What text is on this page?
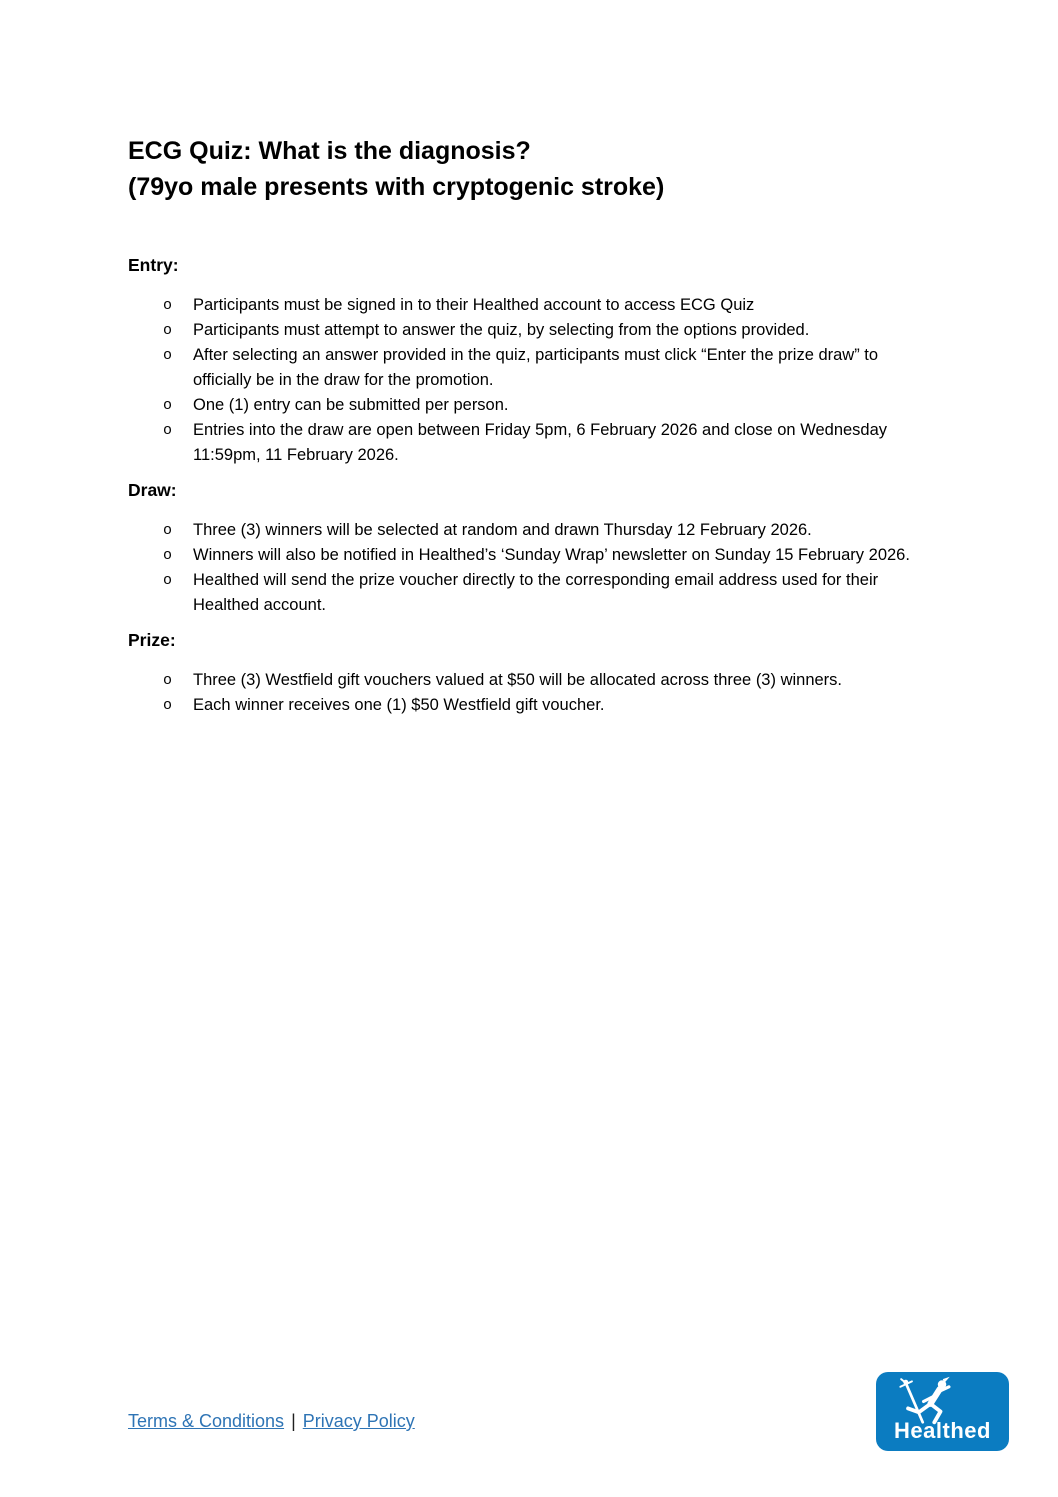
ECG Quiz: What is the diagnosis?
(79yo male presents with cryptogenic stroke)
Entry:
o	Participants must be signed in to their Healthed account to access ECG Quiz
o	Participants must attempt to answer the quiz, by selecting from the options provided.
o	After selecting an answer provided in the quiz, participants must click “Enter the prize draw” to officially be in the draw for the promotion.
o	One (1) entry can be submitted per person.
o	Entries into the draw are open between Friday 5pm, 6 February 2026 and close on Wednesday 11:59pm, 11 February 2026.
Draw:
o	Three (3) winners will be selected at random and drawn Thursday 12 February 2026.
o	Winners will also be notified in Healthed’s ‘Sunday Wrap’ newsletter on Sunday 15 February 2026.
o	Healthed will send the prize voucher directly to the corresponding email address used for their Healthed account.
Prize:
o	Three (3) Westfield gift vouchers valued at $50 will be allocated across three (3) winners.
o	Each winner receives one (1) $50 Westfield gift voucher.
Terms & Conditions | Privacy Policy	Healthed
